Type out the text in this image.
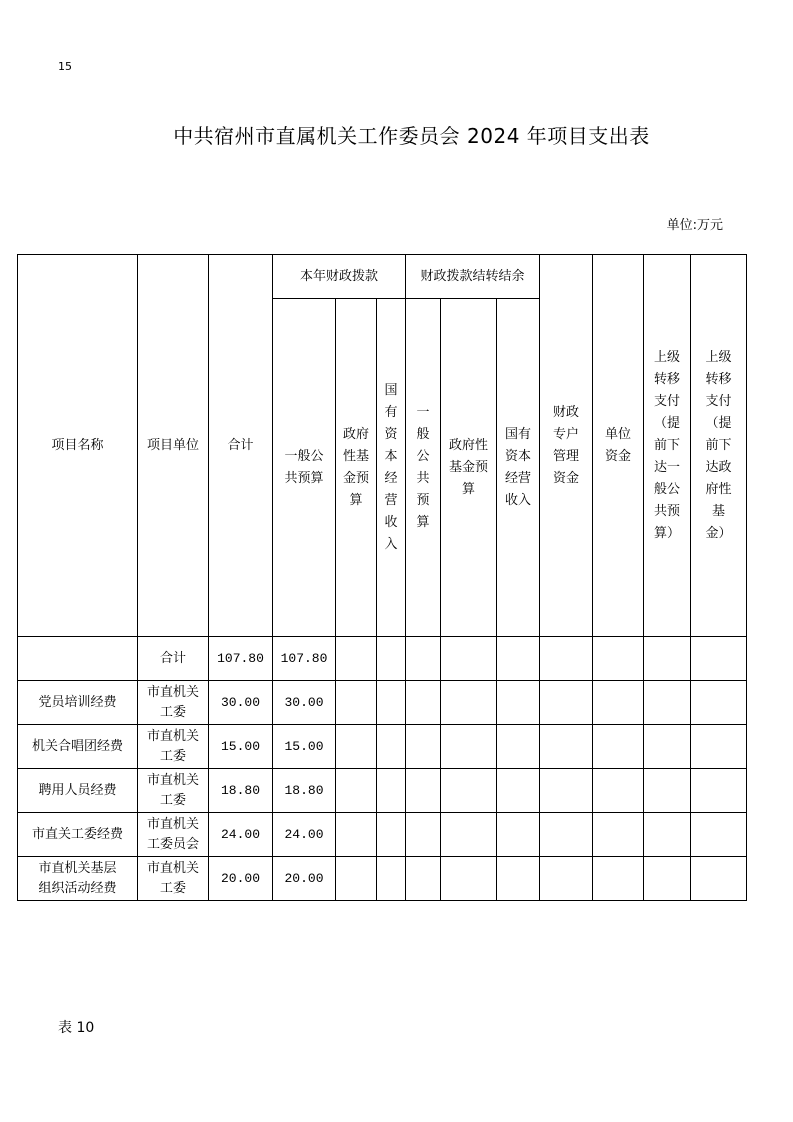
15
中共宿州市直属机关工作委员会 2024 年项目支出表
单位:万元
项目名称	项目单位	合计	本年财政拨款			财政拨款结转结余			财政专户管理资金	单位资金	上级转移支付（提前下达一般公共预算）	上级转移支付（提前下达政府性基金）
			一般公共预算	政府性基金预算	国有资本经营收入	一般公共预算	政府性基金预算	国有资本经营收入				
	合计	107.80	107.80									
党员培训经费	市直机关工委	30.00	30.00									
机关合唱团经费	市直机关工委	15.00	15.00									
聘用人员经费	市直机关工委	18.80	18.80									
市直关工委经费	市直机关工委员会	24.00	24.00									
市直机关基层组织活动经费	市直机关工委	20.00	20.00									
表 10
